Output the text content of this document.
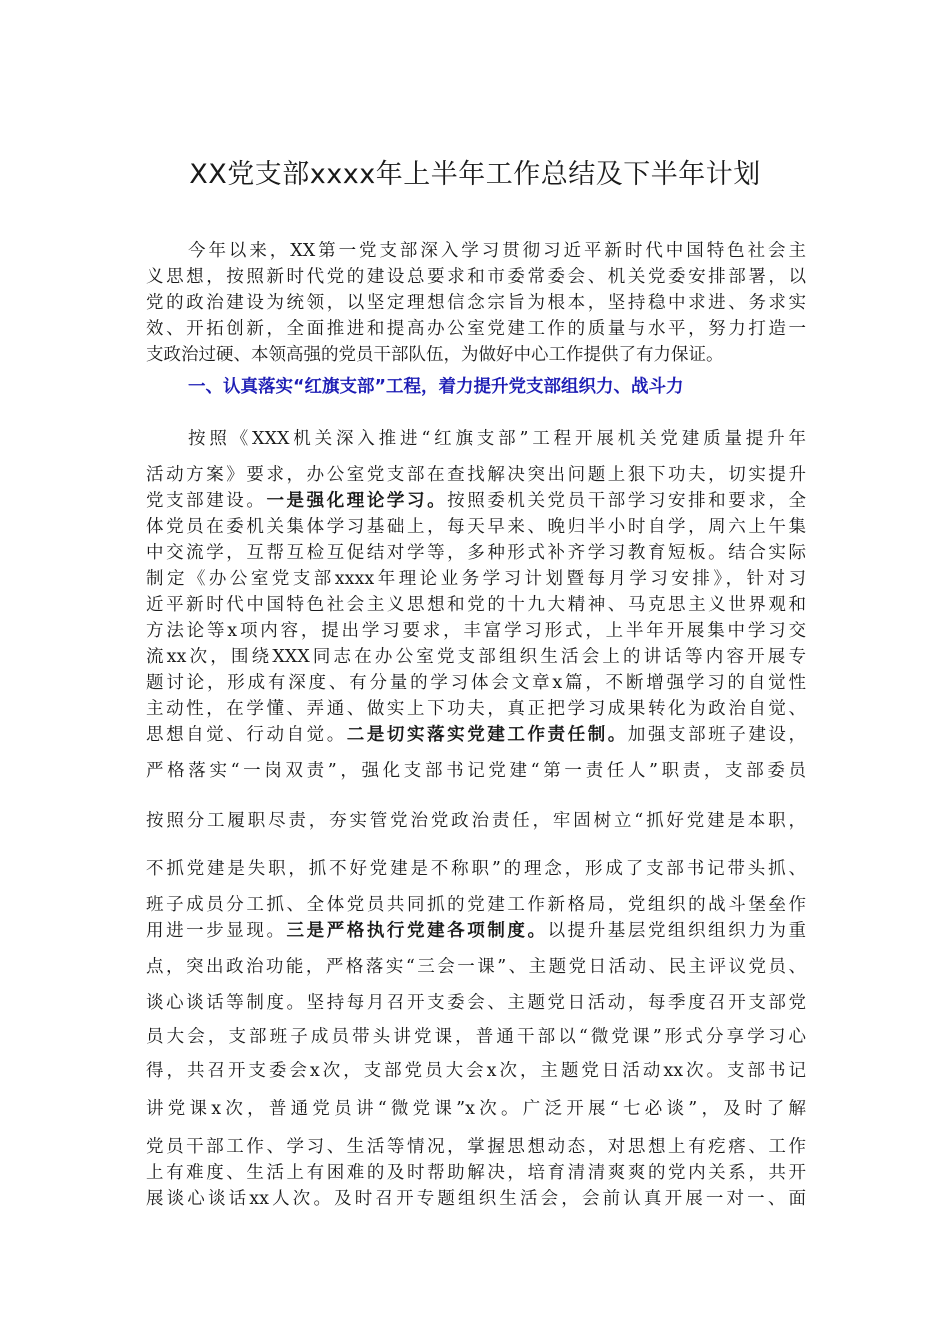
XX党支部xxxx年上半年工作总结及下半年计划
今年以来，XX第一党支部深入学习贯彻习近平新时代中国特色社会主
义思想，按照新时代党的建设总要求和市委常委会、机关党委安排部署，以
党的政治建设为统领，以坚定理想信念宗旨为根本，坚持稳中求进、务求实
效、开拓创新，全面推进和提高办公室党建工作的质量与水平，努力打造一
支政治过硬、本领高强的党员干部队伍，为做好中心工作提供了有力保证。
一、认真落实“红旗支部”工程，着力提升党支部组织力、战斗力
按照《XXX机关深入推进“红旗支部”工程开展机关党建质量提升年
活动方案》要求，办公室党支部在查找解决突出问题上狠下功夫，切实提升
党支部建设。一是强化理论学习。按照委机关党员干部学习安排和要求，全
体党员在委机关集体学习基础上，每天早来、晚归半小时自学，周六上午集
中交流学，互帮互检互促结对学等，多种形式补齐学习教育短板。结合实际
制定《办公室党支部xxxx年理论业务学习计划暨每月学习安排》，针对习
近平新时代中国特色社会主义思想和党的十九大精神、马克思主义世界观和
方法论等x项内容，提出学习要求，丰富学习形式，上半年开展集中学习交
流xx次，围绕XXX同志在办公室党支部组织生活会上的讲话等内容开展专
题讨论，形成有深度、有分量的学习体会文章x篇，不断增强学习的自觉性
主动性，在学懂、弄通、做实上下功夫，真正把学习成果转化为政治自觉、
思想自觉、行动自觉。二是切实落实党建工作责任制。加强支部班子建设，
严格落实“一岗双责”，强化支部书记党建“第一责任人”职责，支部委员
按照分工履职尽责，夯实管党治党政治责任，牢固树立“抓好党建是本职，
不抓党建是失职，抓不好党建是不称职”的理念，形成了支部书记带头抓、
班子成员分工抓、全体党员共同抓的党建工作新格局，党组织的战斗堡垒作
用进一步显现。三是严格执行党建各项制度。以提升基层党组织组织力为重
点，突出政治功能，严格落实“三会一课”、主题党日活动、民主评议党员、
谈心谈话等制度。坚持每月召开支委会、主题党日活动，每季度召开支部党
员大会，支部班子成员带头讲党课，普通干部以“微党课”形式分享学习心
得，共召开支委会x次，支部党员大会x次，主题党日活动xx次。支部书记
讲党课x次，普通党员讲“微党课”x次。广泛开展“七必谈”，及时了解
党员干部工作、学习、生活等情况，掌握思想动态，对思想上有疙瘩、工作
上有难度、生活上有困难的及时帮助解决，培育清清爽爽的党内关系，共开
展谈心谈话xx人次。及时召开专题组织生活会，会前认真开展一对一、面
